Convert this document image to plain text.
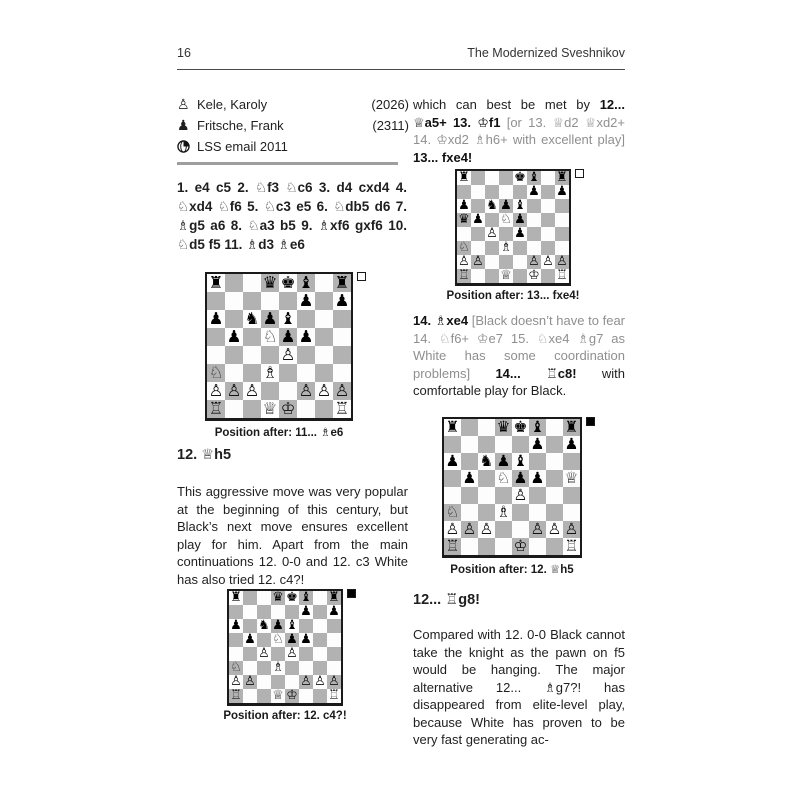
16	The Modernized Sveshnikov
♙ Kele, Karoly	(2026)
♟ Fritsche, Frank	(2311)
LSS email 2011
1. e4 c5 2. ♘f3 ♘c6 3. d4 cxd4 4. ♘xd4 ♘f6 5. ♘c3 e5 6. ♘db5 d6 7. ♗g5 a6 8. ♘a3 b5 9. ♗xf6 gxf6 10. ♘d5 f5 11. ♗d3 ♗e6
♜ ♛ ♚ ♝ ♜
♟ ♟
♟ ♞ ♟ ♝
♟ ♘ ♟ ♟
♙
♘ ♗
♙ ♙ ♙ ♙ ♙ ♙
♖ ♕ ♔ ♖
Position after: 11... ♗e6
12. ♕h5
This aggressive move was very popular at the beginning of this century, but Black’s next move ensures excellent play for him. Apart from the main continuations 12. 0-0 and 12. c3 White has also tried 12. c4?!
♜ ♛ ♚ ♝ ♜
♟ ♟
♟ ♞ ♟ ♝
♟ ♘ ♟ ♟
♙ ♙
♘ ♗
♙ ♙	♙ ♙ ♙
♖ ♕ ♔ ♖
Position after: 12. c4?!
which can best be met by 12... ♕a5+ 13. ♔f1 [or 13. ♕d2 ♕xd2+ 14. ♔xd2 ♗h6+ with excellent play] 13... fxe4!
♜	♚ ♝ ♜
♟ ♟
♟ ♞ ♟ ♝
♛ ♟ ♘ ♟
♙ ♟
♘ ♗
♙ ♙	♙ ♙ ♙
♖ ♕ ♔ ♖
Position after: 13... fxe4!
14. ♗xe4 [Black doesn’t have to fear 14. ♘f6+ ♔e7 15. ♘xe4 ♗g7 as White has some coordination problems] 14... ♖c8! with comfortable play for Black.
♜ ♛ ♚ ♝ ♜
♟ ♟
♟ ♞ ♟ ♝
♟ ♘ ♟ ♟ ♕
♙
♘ ♗
♙ ♙ ♙ ♙ ♙ ♙
♖	♔ ♖
Position after: 12. ♕h5
12... ♖g8!
Compared with 12. 0-0 Black cannot take the knight as the pawn on f5 would be hanging. The major alternative 12... ♗g7?! has disappeared from elite-level play, because White has proven to be very fast generating ac-
